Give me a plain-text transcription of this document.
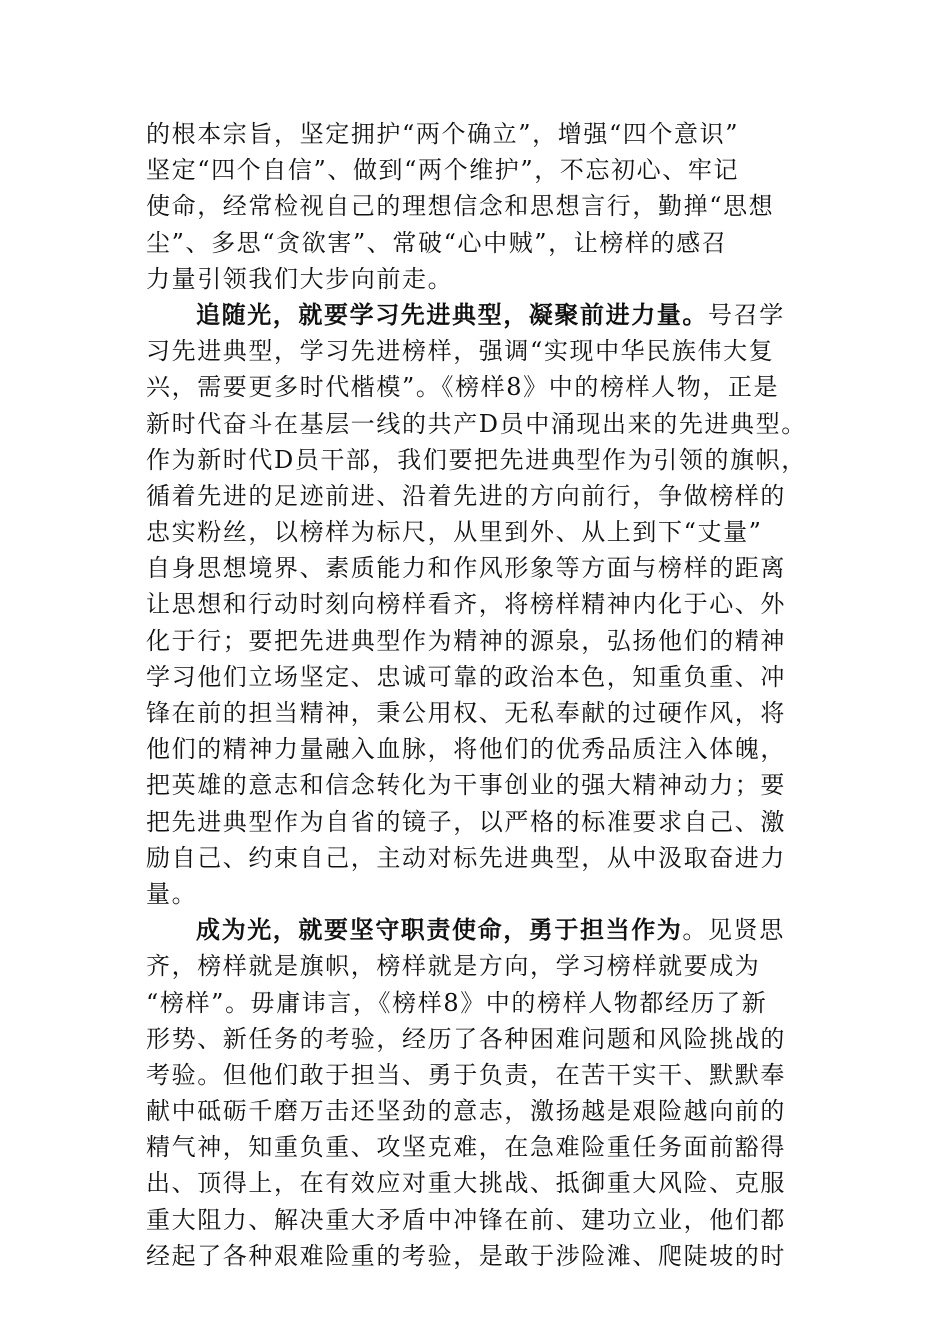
的根本宗旨，坚定拥护“两个确立”，增强“四个意识”
坚定“四个自信”、做到“两个维护”，不忘初心、牢记
使命，经常检视自己的理想信念和思想言行，勤掸“思想
尘”、多思“贪欲害”、常破“心中贼”，让榜样的感召
力量引领我们大步向前走。
追随光，就要学习先进典型，凝聚前进力量。号召学
习先进典型，学习先进榜样，强调“实现中华民族伟大复
兴，需要更多时代楷模”。《榜样8》中的榜样人物，正是
新时代奋斗在基层一线的共产D员中涌现出来的先进典型。
作为新时代D员干部，我们要把先进典型作为引领的旗帜，
循着先进的足迹前进、沿着先进的方向前行，争做榜样的
忠实粉丝，以榜样为标尺，从里到外、从上到下“丈量”
自身思想境界、素质能力和作风形象等方面与榜样的距离
让思想和行动时刻向榜样看齐，将榜样精神内化于心、外
化于行；要把先进典型作为精神的源泉，弘扬他们的精神
学习他们立场坚定、忠诚可靠的政治本色，知重负重、冲
锋在前的担当精神，秉公用权、无私奉献的过硬作风，将
他们的精神力量融入血脉，将他们的优秀品质注入体魄，
把英雄的意志和信念转化为干事创业的强大精神动力；要
把先进典型作为自省的镜子，以严格的标准要求自己、激
励自己、约束自己，主动对标先进典型，从中汲取奋进力
量。
成为光，就要坚守职责使命，勇于担当作为。见贤思
齐，榜样就是旗帜，榜样就是方向，学习榜样就要成为
“榜样”。毋庸讳言，《榜样8》中的榜样人物都经历了新
形势、新任务的考验，经历了各种困难问题和风险挑战的
考验。但他们敢于担当、勇于负责，在苦干实干、默默奉
献中砥砺千磨万击还坚劲的意志，激扬越是艰险越向前的
精气神，知重负重、攻坚克难，在急难险重任务面前豁得
出、顶得上，在有效应对重大挑战、抵御重大风险、克服
重大阻力、解决重大矛盾中冲锋在前、建功立业，他们都
经起了各种艰难险重的考验，是敢于涉险滩、爬陡坡的时
